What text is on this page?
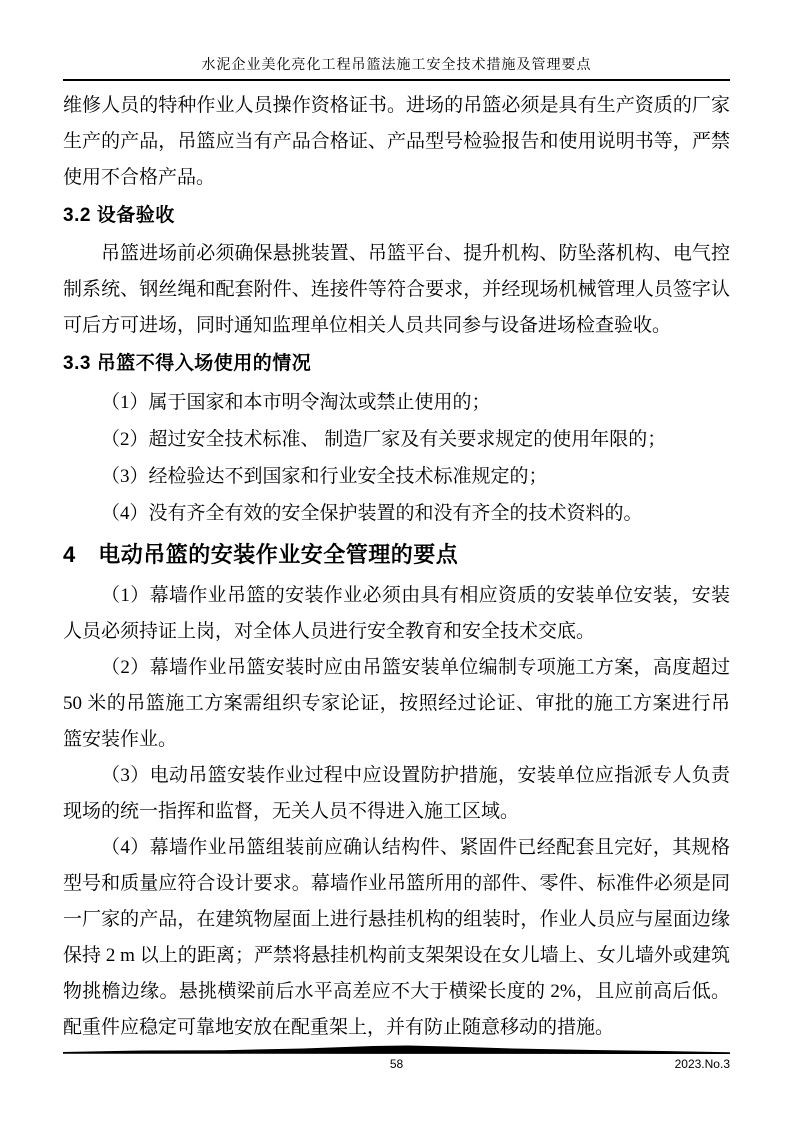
水泥企业美化亮化工程吊篮法施工安全技术措施及管理要点

维修人员的特种作业人员操作资格证书。进场的吊篮必须是具有生产资质的厂家生产的产品，吊篮应当有产品合格证、产品型号检验报告和使用说明书等，严禁使用不合格产品。

3.2 设备验收

吊篮进场前必须确保悬挑装置、吊篮平台、提升机构、防坠落机构、电气控制系统、钢丝绳和配套附件、连接件等符合要求，并经现场机械管理人员签字认可后方可进场，同时通知监理单位相关人员共同参与设备进场检查验收。

3.3 吊篮不得入场使用的情况

（1）属于国家和本市明令淘汰或禁止使用的；

（2）超过安全技术标准、 制造厂家及有关要求规定的使用年限的；

（3）经检验达不到国家和行业安全技术标准规定的；

（4）没有齐全有效的安全保护装置的和没有齐全的技术资料的。

4　电动吊篮的安装作业安全管理的要点

（1）幕墙作业吊篮的安装作业必须由具有相应资质的安装单位安装，安装人员必须持证上岗，对全体人员进行安全教育和安全技术交底。

（2）幕墙作业吊篮安装时应由吊篮安装单位编制专项施工方案，高度超过 50 米的吊篮施工方案需组织专家论证，按照经过论证、审批的施工方案进行吊篮安装作业。

（3）电动吊篮安装作业过程中应设置防护措施，安装单位应指派专人负责现场的统一指挥和监督，无关人员不得进入施工区域。

（4）幕墙作业吊篮组装前应确认结构件、紧固件已经配套且完好，其规格型号和质量应符合设计要求。幕墙作业吊篮所用的部件、零件、标准件必须是同一厂家的产品，在建筑物屋面上进行悬挂机构的组装时，作业人员应与屋面边缘保持 2 m 以上的距离；严禁将悬挂机构前支架架设在女儿墙上、女儿墙外或建筑物挑檐边缘。悬挑横梁前后水平高差应不大于横梁长度的 2%，且应前高后低。配重件应稳定可靠地安放在配重架上，并有防止随意移动的措施。

58	2023.No.3
